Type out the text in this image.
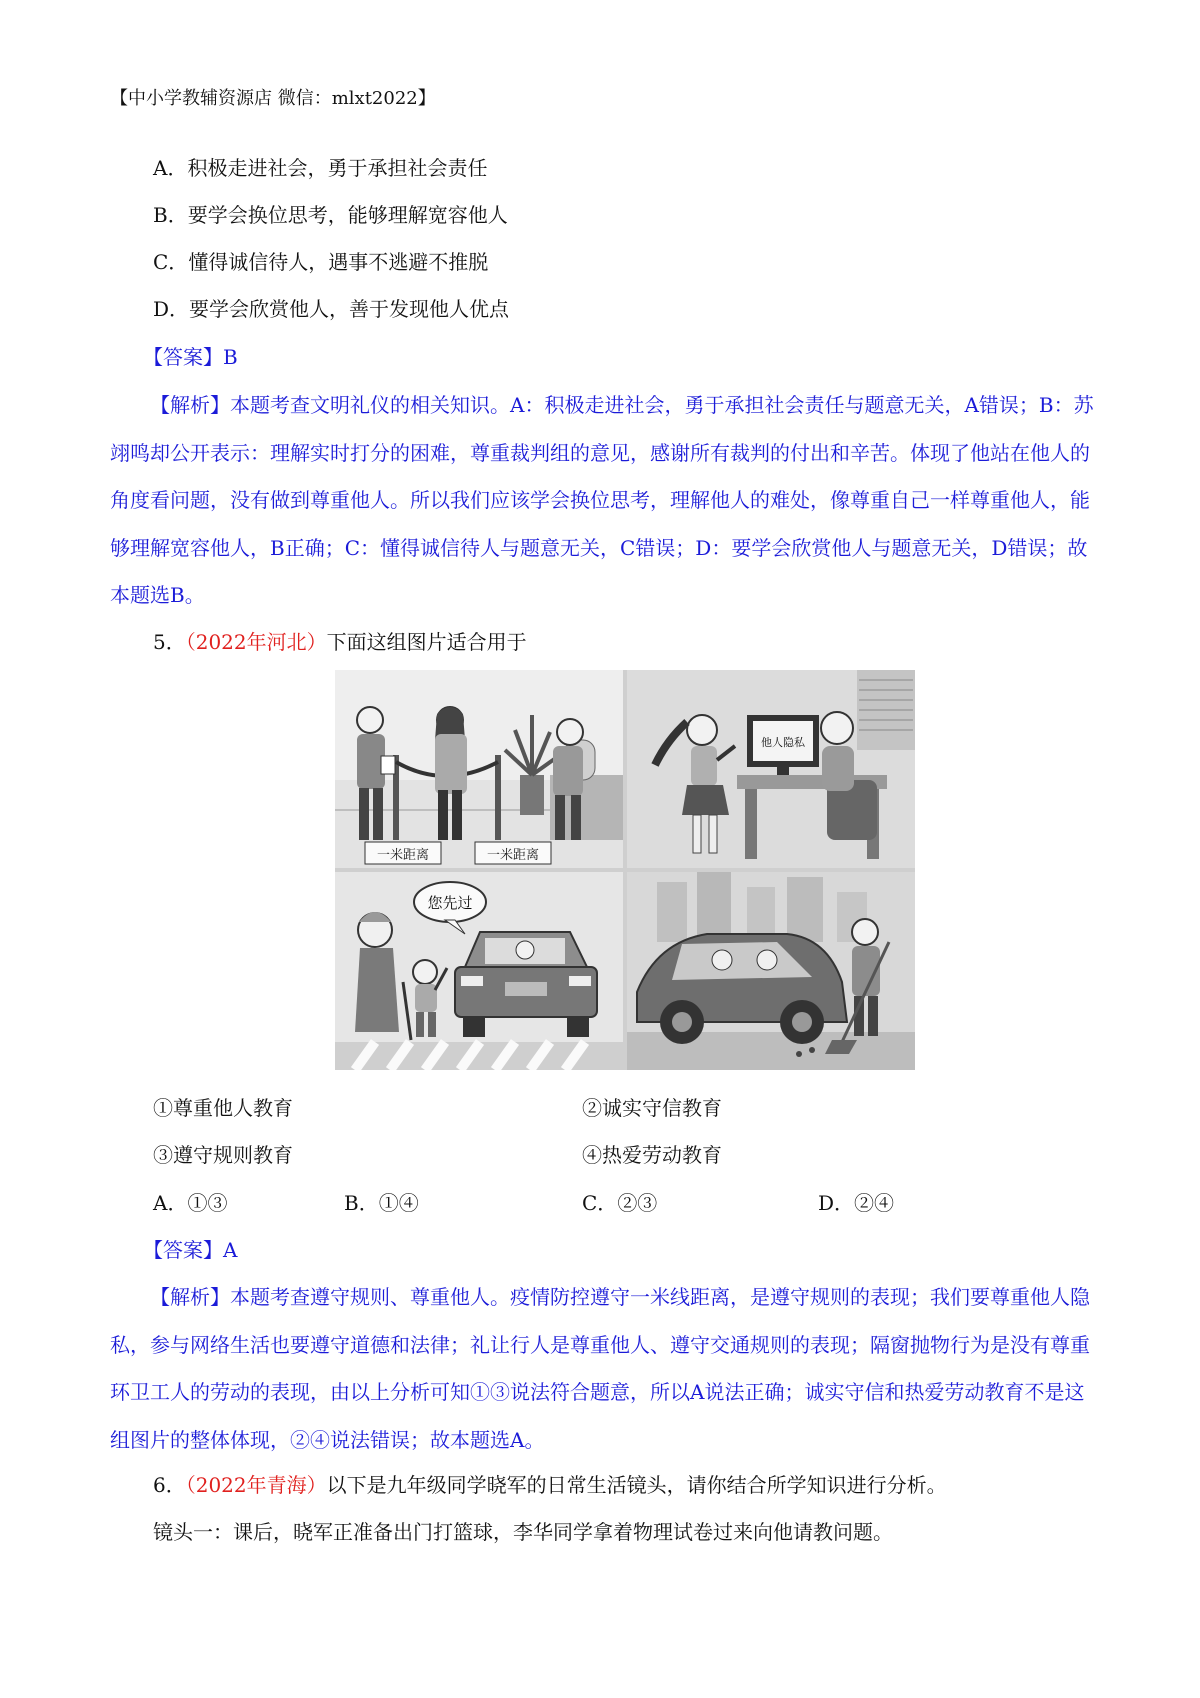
【中小学教辅资源店 微信：mlxt2022】
A．积极走进社会，勇于承担社会责任
B．要学会换位思考，能够理解宽容他人
C．懂得诚信待人，遇事不逃避不推脱
D．要学会欣赏他人，善于发现他人优点
【答案】B

【解析】本题考查文明礼仪的相关知识。A：积极走进社会，勇于承担社会责任与题意无关，A错误；B：苏翊鸣却公开表示：理解实时打分的困难，尊重裁判组的意见，感谢所有裁判的付出和辛苦。体现了他站在他人的角度看问题，没有做到尊重他人。所以我们应该学会换位思考，理解他人的难处，像尊重自己一样尊重他人，能够理解宽容他人，B正确；C：懂得诚信待人与题意无关，C错误；D：要学会欣赏他人与题意无关，D错误；故本题选B。

5．（2022年河北）下面这组图片适合用于
一米距离	一米距离
他人隐私
您先过
①尊重他人教育	②诚实守信教育
③遵守规则教育	④热爱劳动教育
A．①③	B．①④	C．②③	D．②④
【答案】A

【解析】本题考查遵守规则、尊重他人。疫情防控遵守一米线距离，是遵守规则的表现；我们要尊重他人隐私，参与网络生活也要遵守道德和法律；礼让行人是尊重他人、遵守交通规则的表现；隔窗抛物行为是没有尊重环卫工人的劳动的表现，由以上分析可知①③说法符合题意，所以A说法正确；诚实守信和热爱劳动教育不是这组图片的整体体现，②④说法错误；故本题选A。

6．（2022年青海）以下是九年级同学晓军的日常生活镜头，请你结合所学知识进行分析。
镜头一：课后，晓军正准备出门打篮球，李华同学拿着物理试卷过来向他请教问题。
